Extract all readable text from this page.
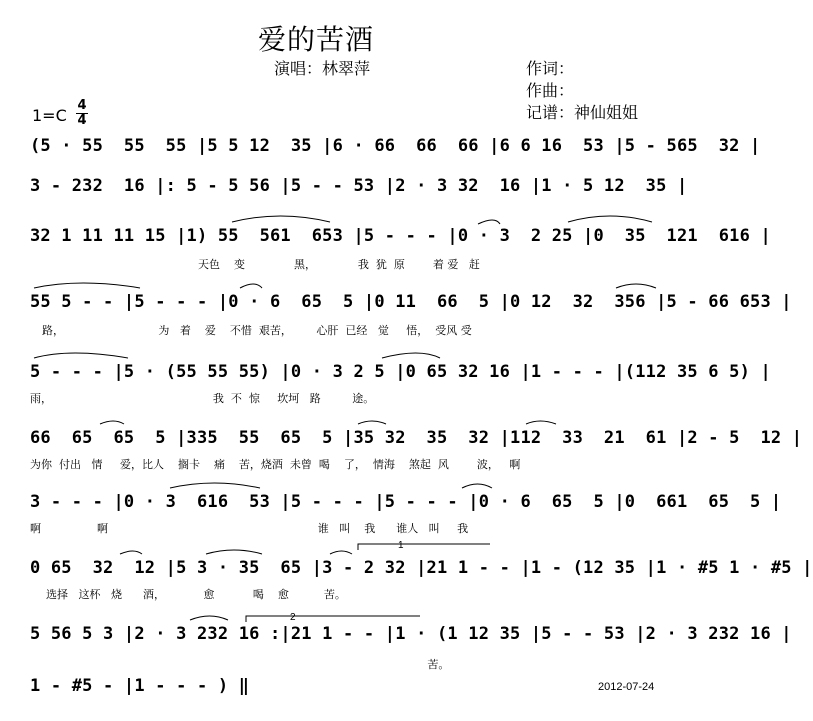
爱的苦酒
演唱：林翠萍	作词：
作曲：
记谱：神仙姐姐
1=C
4
4
(5 · 55  55  55 |5 5 12  35 |6 · 66  66  66 |6 6 16  53 |5 - 565  32 |
3 - 232  16 |: 5 - 5 56 |5 - - 53 |2 · 3 32  16 |1 · 5 12  35 |
32 1 11 11 15 |1) 55  561  653 |5 - - - |0 · 3  2 25 |0  35  121  616 |
天色    变              黑，            我  犹  原        着 爱   赶
55 5 - - |5 - - - |0 · 6  65  5 |0 11  66  5 |0 12  32  356 |5 - 66 653 |
路，                           为   着    爱    不惜  艰苦，       心肝  已经   觉     悟，  受风 受
5 - - - |5 · (55 55 55) |0 · 3 2 5 |0 65 32 16 |1 - - - |(112 35 6 5) |
雨，                                              我  不  惊     坎坷   路         途。
66  65  65  5 |335  55  65  5 |35 32  35  32 |112  33  21  61 |2 - 5  12 |
为你  付出   情     爱，比人    搁卡    痛    苦，烧酒  未曾  喝    了，  情海    煞起  风        波，   啊
3 - - - |0 · 3  616  53 |5 - - - |5 - - - |0 · 6  65  5 |0  661  65  5 |
啊                啊                                                            谁   叫    我      谁人   叫     我
0 65  32  12 |5 3 · 35  65 |3 - 2 32 |21 1 - - |1 - (12 35 |1 · #5 1 · #5 |
选择   这杯   烧      酒，           愈           喝    愈          苦。
5 56 5 3 |2 · 3 232 16 :|21 1 - - |1 · (1 12 35 |5 - - 53 |2 · 3 232 16 |
苦。
1 - #5 - |1 - - - ) ‖	2012-07-24
1
2
